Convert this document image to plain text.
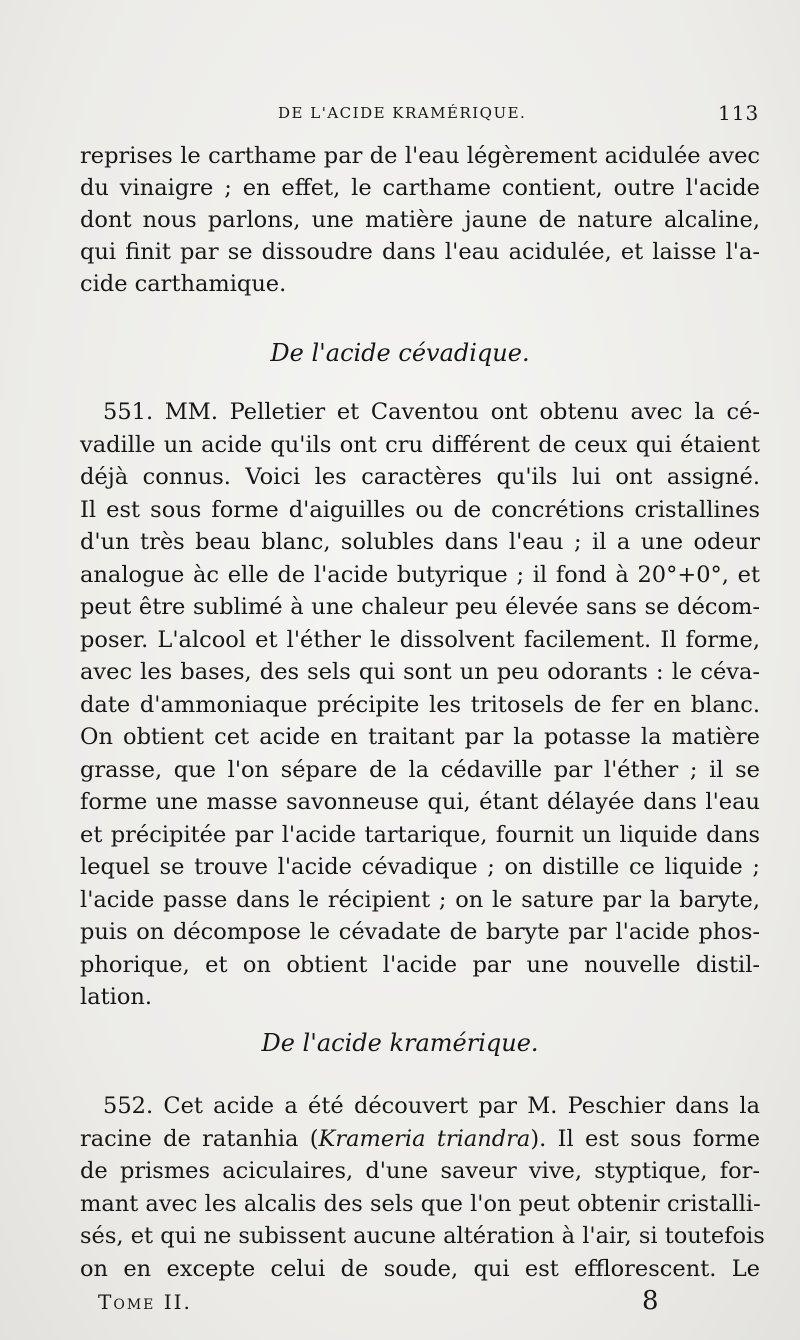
DE L'ACIDE KRAMÉRIQUE.	113
reprises le carthame par de l'eau légèrement acidulée avec
du vinaigre ; en effet, le carthame contient, outre l'acide
dont nous parlons, une matière jaune de nature alcaline,
qui finit par se dissoudre dans l'eau acidulée, et laisse l'a-
cide carthamique.
De l'acide cévadique.
551. MM. Pelletier et Caventou ont obtenu avec la cé-
vadille un acide qu'ils ont cru différent de ceux qui étaient
déjà connus. Voici les caractères qu'ils lui ont assigné.
Il est sous forme d'aiguilles ou de concrétions cristallines
d'un très beau blanc, solubles dans l'eau ; il a une odeur
analogue àc elle de l'acide butyrique ; il fond à 20°+0°, et
peut être sublimé à une chaleur peu élevée sans se décom-
poser. L'alcool et l'éther le dissolvent facilement. Il forme,
avec les bases, des sels qui sont un peu odorants : le céva-
date d'ammoniaque précipite les tritosels de fer en blanc.
On obtient cet acide en traitant par la potasse la matière
grasse, que l'on sépare de la cédaville par l'éther ; il se
forme une masse savonneuse qui, étant délayée dans l'eau
et précipitée par l'acide tartarique, fournit un liquide dans
lequel se trouve l'acide cévadique ; on distille ce liquide ;
l'acide passe dans le récipient ; on le sature par la baryte,
puis on décompose le cévadate de baryte par l'acide phos-
phorique, et on obtient l'acide par une nouvelle distil-
lation.
De l'acide kramérique.
552. Cet acide a été découvert par M. Peschier dans la
racine de ratanhia (Krameria triandra). Il est sous forme
de prismes aciculaires, d'une saveur vive, styptique, for-
mant avec les alcalis des sels que l'on peut obtenir cristalli-
sés, et qui ne subissent aucune altération à l'air, si toutefois
on en excepte celui de soude, qui est efflorescent. Le
Tome II.	8
